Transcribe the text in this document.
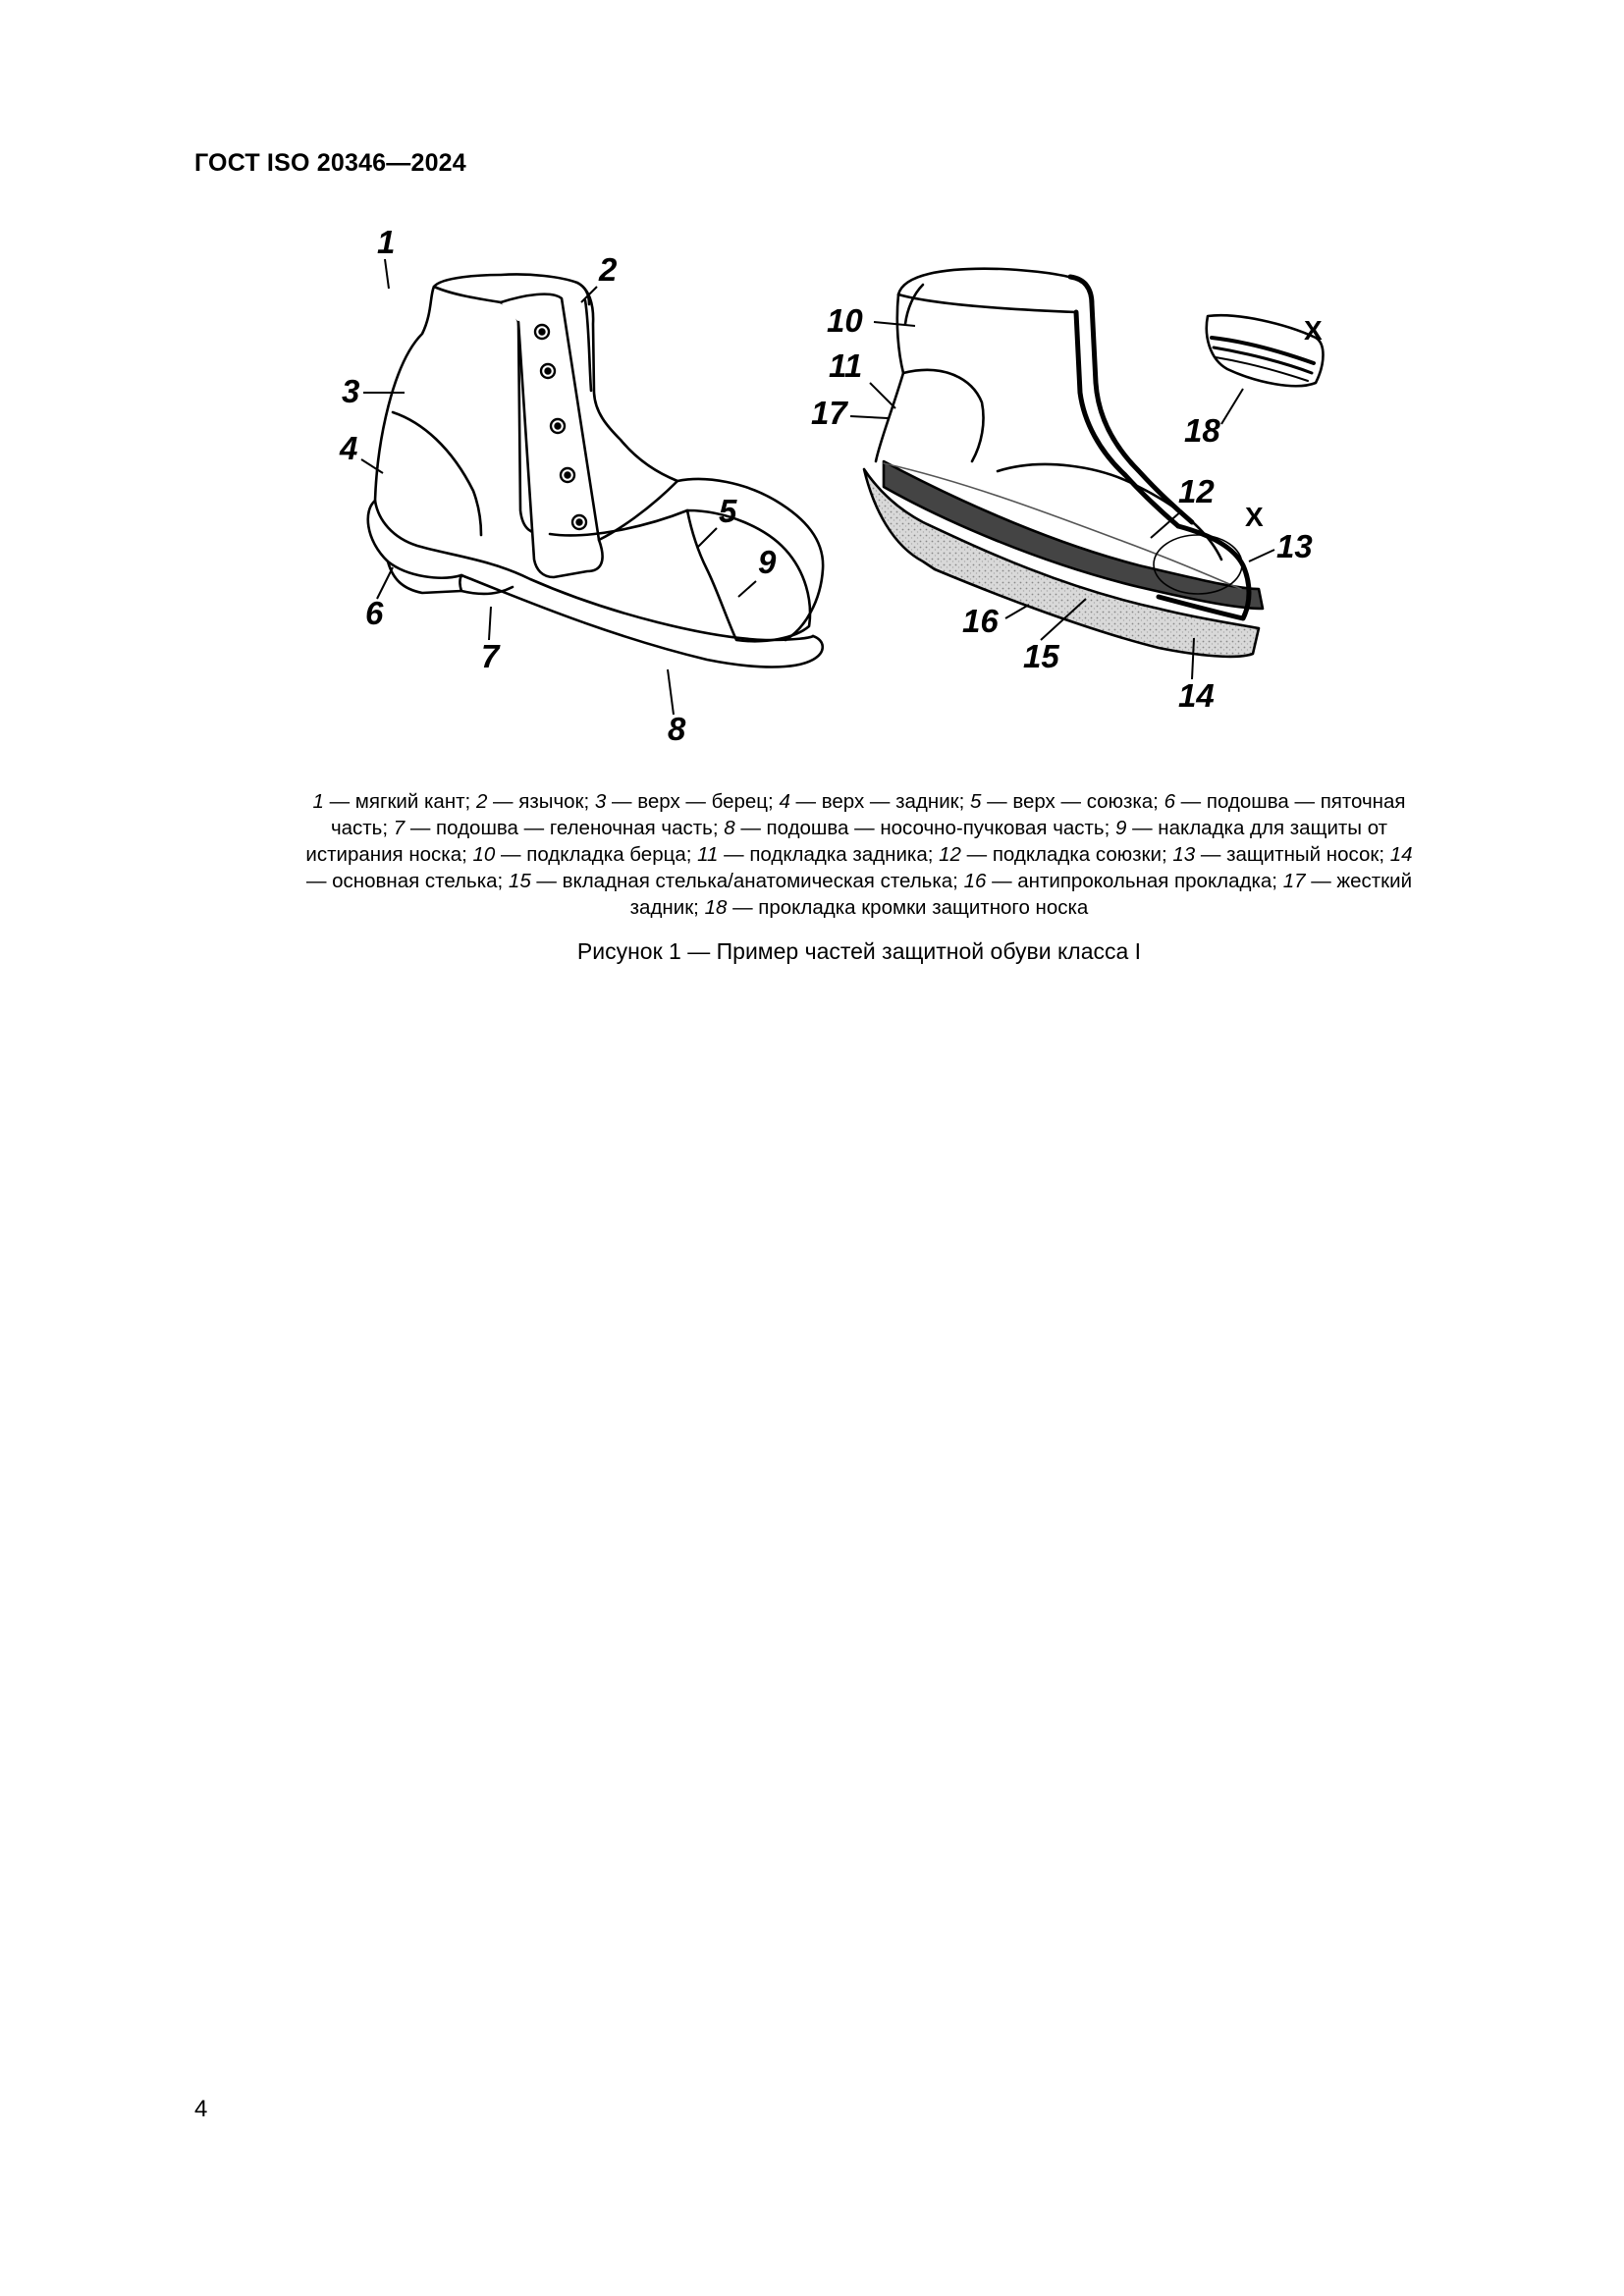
ГОСТ ISO 20346—2024
1
2
3
4
5
6
7
8
9
10
11
12
13
14
15
16
17	18
X
X
1 — мягкий кант; 2 — язычок; 3 — верх — берец; 4 — верх — задник; 5 — верх — союзка; 6 — подошва — пяточная часть; 7 — подошва — геленочная часть; 8 — подошва — носочно-пучковая часть; 9 — накладка для защиты от истирания носка; 10 — подкладка берца; 11 — подкладка задника; 12 — подкладка союзки; 13 — защитный носок; 14 — основная стелька; 15 — вкладная стелька/анатомическая стелька; 16 — антипрокольная прокладка; 17 — жесткий задник; 18 — прокладка кромки защитного носка
Рисунок 1 — Пример частей защитной обуви класса I
4
